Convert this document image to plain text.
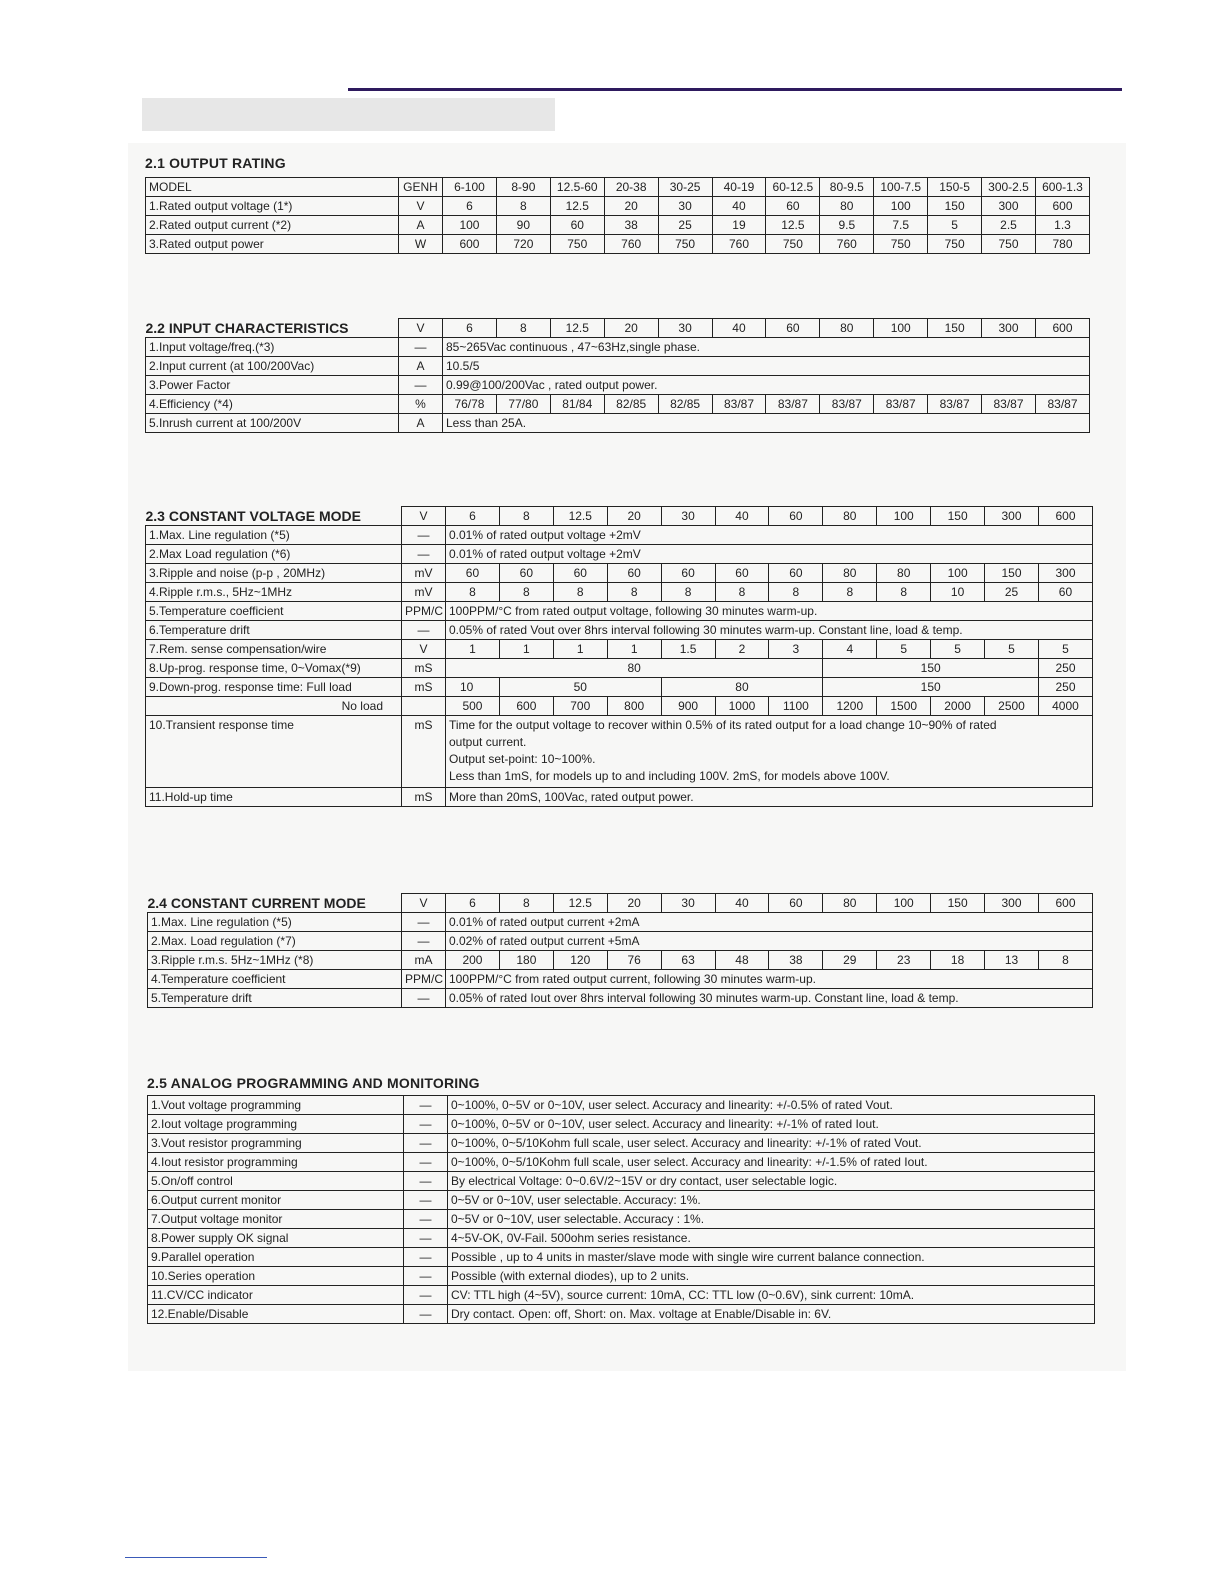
2.1 OUTPUT RATING
MODEL	GENH	6-100	8-90	12.5-60	20-38	30-25	40-19	60-12.5	80-9.5	100-7.5	150-5	300-2.5	600-1.3
1.Rated output voltage (1*)	V	6	8	12.5	20	30	40	60	80	100	150	300	600
2.Rated output current (*2)	A	100	90	60	38	25	19	12.5	9.5	7.5	5	2.5	1.3
3.Rated output power	W	600	720	750	760	750	760	750	760	750	750	750	780
2.2 INPUT CHARACTERISTICS	V	6	8	12.5	20	30	40	60	80	100	150	300	600
1.Input voltage/freq.(*3)	—	85~265Vac continuous , 47~63Hz,single phase.											
2.Input current (at 100/200Vac)	A	10.5/5											
3.Power Factor	—	0.99@100/200Vac , rated output power.											
4.Efficiency (*4)	%	76/78	77/80	81/84	82/85	82/85	83/87	83/87	83/87	83/87	83/87	83/87	83/87
5.Inrush current at 100/200V	A	Less than 25A.											
2.3 CONSTANT VOLTAGE MODE	V	6	8	12.5	20	30	40	60	80	100	150	300	600
1.Max. Line regulation (*5)	—	0.01% of rated output voltage +2mV											
2.Max Load regulation (*6)	—	0.01% of rated output voltage +2mV											
3.Ripple and noise (p-p , 20MHz)	mV	60	60	60	60	60	60	60	80	80	100	150	300
4.Ripple r.m.s., 5Hz~1MHz	mV	8	8	8	8	8	8	8	8	8	10	25	60
5.Temperature coefficient	PPM/C	100PPM/°C from rated output voltage, following 30 minutes warm-up.											
6.Temperature drift	—	0.05% of rated Vout over 8hrs interval following 30 minutes warm-up. Constant line, load & temp.											
7.Rem. sense compensation/wire	V	1	1	1	1	1.5	2	3	4	5	5	5	5
8.Up-prog. response time, 0~Vomax(*9)	mS	80							150				250
9.Down-prog. response time: Full load	mS	10	50			80			150				250
No load		500	600	700	800	900	1000	1100	1200	1500	2000	2500	4000
10.Transient response time	mS	Time for the output voltage to recover within 0.5% of its rated output for a load change 10~90% of rated
output current.
Output set-point: 10~100%.
Less than 1mS, for models up to and including 100V. 2mS, for models above 100V.											

11.Hold-up time	mS	More than 20mS, 100Vac, rated output power.											
2.4 CONSTANT CURRENT MODE	V	6	8	12.5	20	30	40	60	80	100	150	300	600
1.Max. Line regulation (*5)	—	0.01% of rated output current +2mA											
2.Max. Load regulation (*7)	—	0.02% of rated output current +5mA											
3.Ripple r.m.s. 5Hz~1MHz (*8)	mA	200	180	120	76	63	48	38	29	23	18	13	8
4.Temperature coefficient	PPM/C	100PPM/°C from rated output current, following 30 minutes warm-up.											
5.Temperature drift	—	0.05% of rated Iout over 8hrs interval following 30 minutes warm-up. Constant line, load & temp.											
2.5 ANALOG PROGRAMMING AND MONITORING
1.Vout voltage programming	—	0~100%, 0~5V or 0~10V, user select. Accuracy and linearity: +/-0.5% of rated Vout.
2.Iout voltage programming	—	0~100%, 0~5V or 0~10V, user select. Accuracy and linearity: +/-1% of rated Iout.
3.Vout resistor programming	—	0~100%, 0~5/10Kohm full scale, user select. Accuracy and linearity: +/-1% of rated Vout.
4.Iout resistor programming	—	0~100%, 0~5/10Kohm full scale, user select. Accuracy and linearity: +/-1.5% of rated Iout.
5.On/off control	—	By electrical Voltage: 0~0.6V/2~15V or dry contact, user selectable logic.
6.Output current monitor	—	0~5V or 0~10V, user selectable. Accuracy: 1%.
7.Output voltage monitor	—	0~5V or 0~10V, user selectable. Accuracy : 1%.
8.Power supply OK signal	—	4~5V-OK, 0V-Fail. 500ohm series resistance.
9.Parallel operation	—	Possible , up to 4 units in master/slave mode with single wire current balance connection.
10.Series operation	—	Possible (with external diodes), up to 2 units.
11.CV/CC indicator	—	CV: TTL high (4~5V), source current: 10mA, CC: TTL low (0~0.6V), sink current: 10mA.
12.Enable/Disable	—	Dry contact. Open: off, Short: on. Max. voltage at Enable/Disable in: 6V.
